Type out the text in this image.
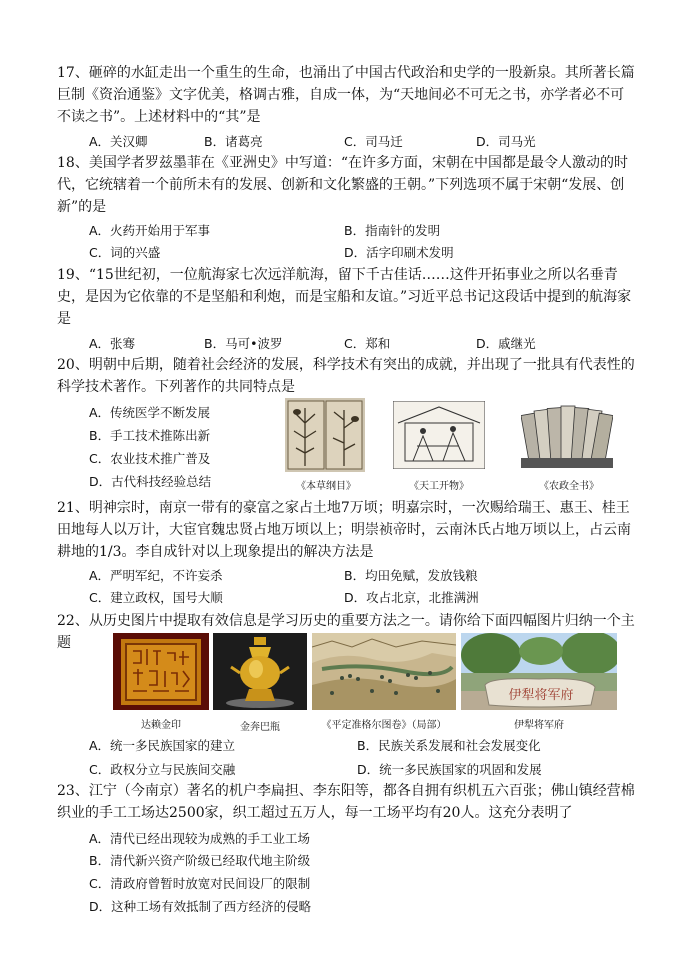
17、砸碎的水缸走出一个重生的生命，也涌出了中国古代政治和史学的一股新泉。其所著长篇巨制《资治通鉴》文字优美，格调古雅，自成一体，为“天地间必不可无之书，亦学者必不可不读之书”。上述材料中的“其”是
A．关汉卿	B．诸葛亮	C．司马迁	D．司马光
18、美国学者罗兹墨菲在《亚洲史》中写道：“在许多方面，宋朝在中国都是最令人激动的时代，它统辖着一个前所未有的发展、创新和文化繁盛的王朝。”下列选项不属于宋朝“发展、创新”的是
A．火药开始用于军事	B．指南针的发明
C．词的兴盛	D．活字印刷术发明
19、“15世纪初，一位航海家七次远洋航海，留下千古佳话……这件开拓事业之所以名垂青史，是因为它依靠的不是坚船和利炮，而是宝船和友谊。”习近平总书记这段话中提到的航海家是
A．张骞	B．马可•波罗	C．郑和	D．戚继光
20、明朝中后期，随着社会经济的发展，科学技术有突出的成就，并出现了一批具有代表性的科学技术著作。下列著作的共同特点是
A．传统医学不断发展
B．手工技术推陈出新
C．农业技术推广普及
D．古代科技经验总结	《本草纲目》	《天工开物》	《农政全书》
21、明神宗时，南京一带有的豪富之家占土地7万顷；明嘉宗时，一次赐给瑞王、惠王、桂王田地每人以万计，大宦官魏忠贤占地万顷以上；明崇祯帝时，云南沐氏占地万顷以上，占云南耕地的1/3。李自成针对以上现象提出的解决方法是
A．严明军纪，不许妄杀	B．均田免赋，发放钱粮
C．建立政权，国号大顺	D．攻占北京，北推满洲
22、从历史图片中提取有效信息是学习历史的重要方法之一。请你给下面四幅图片归纳一个主题
伊犁将军府
达赖金印	金奔巴瓶	《平定准格尔图卷》（局部）	伊犁将军府
A．统一多民族国家的建立	B．民族关系发展和社会发展变化
C．政权分立与民族间交融	D．统一多民族国家的巩固和发展
23、江宁（今南京）著名的机户李扁担、李东阳等，都各自拥有织机五六百张；佛山镇经营棉织业的手工工场达2500家，织工超过五万人，每一工场平均有20人。这充分表明了
A．清代已经出现较为成熟的手工业工场
B．清代新兴资产阶级已经取代地主阶级
C．清政府曾暂时放宽对民间设厂的限制
D．这种工场有效抵制了西方经济的侵略
